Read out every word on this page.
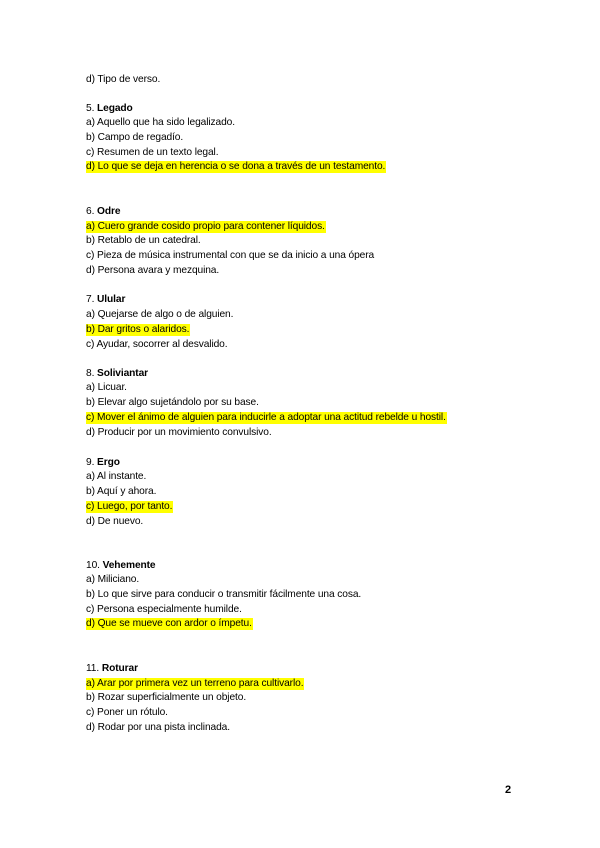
d) Tipo de verso.
5. Legado
a) Aquello que ha sido legalizado.
b) Campo de regadío.
c) Resumen de un texto legal.
d) Lo que se deja en herencia o se dona a través de un testamento.
6. Odre
a) Cuero grande cosido propio para contener líquidos.
b) Retablo de un catedral.
c) Pieza de música instrumental con que se da inicio a una ópera
d) Persona avara y mezquina.
7. Ulular
a) Quejarse de algo o de alguien.
b) Dar gritos o alaridos.
c) Ayudar, socorrer al desvalido.
8. Soliviantar
a) Licuar.
b) Elevar algo sujetándolo por su base.
c) Mover el ánimo de alguien para inducirle a adoptar una actitud rebelde u hostil.
d) Producir por un movimiento convulsivo.
9. Ergo
a) Al instante.
b) Aquí y ahora.
c) Luego, por tanto.
d) De nuevo.
10. Vehemente
a) Miliciano.
b) Lo que sirve para conducir o transmitir fácilmente una cosa.
c) Persona especialmente humilde.
d) Que se mueve con ardor o ímpetu.
11. Roturar
a) Arar por primera vez un terreno para cultivarlo.
b) Rozar superficialmente un objeto.
c) Poner un rótulo.
d) Rodar por una pista inclinada.
2
